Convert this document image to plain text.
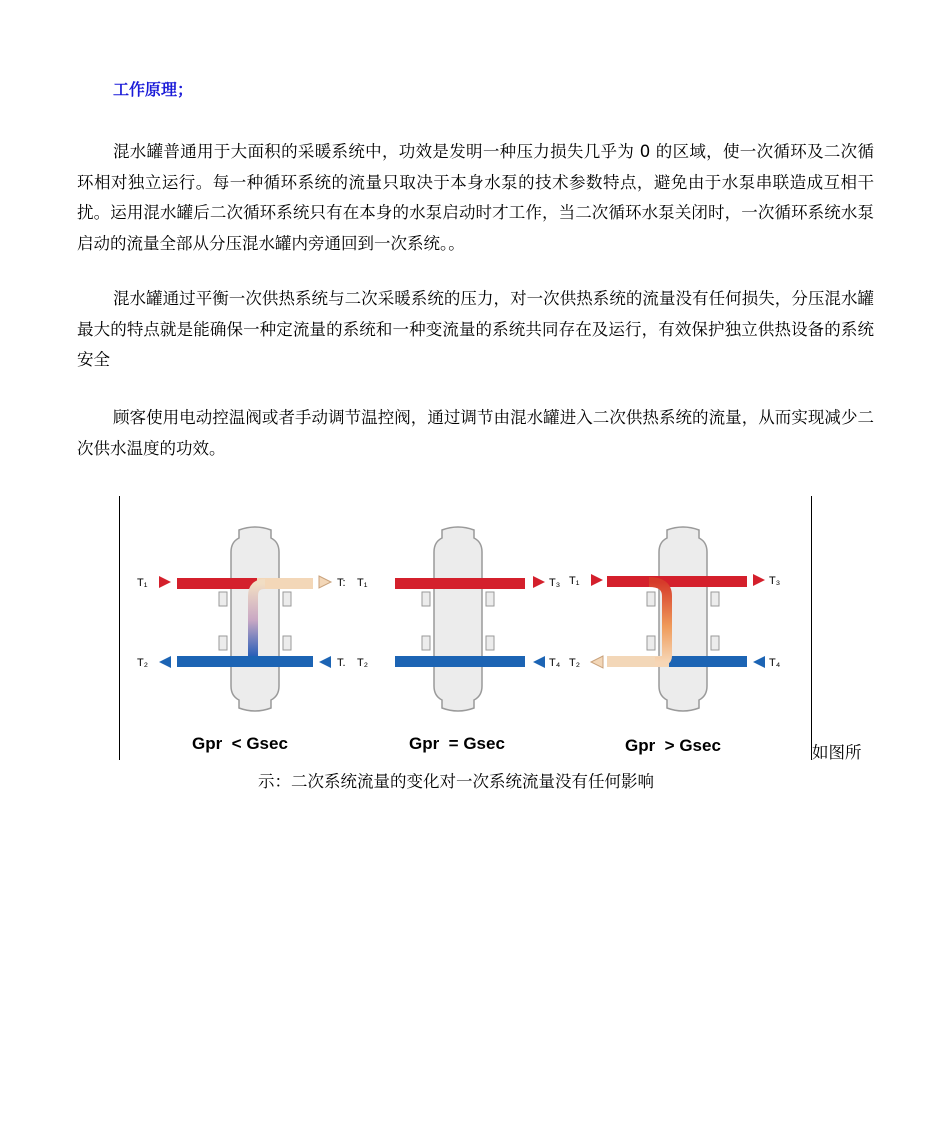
工作原理；

混水罐普通用于大面积的采暖系统中，功效是发明一种压力损失几乎为 0 的区域，使一次循环及二次循环相对独立运行。每一种循环系统的流量只取决于本身水泵的技术参数特点，避免由于水泵串联造成互相干扰。运用混水罐后二次循环系统只有在本身的水泵启动时才工作，当二次循环水泵关闭时，一次循环系统水泵启动的流量全部从分压混水罐内旁通回到一次系统。。

混水罐通过平衡一次供热系统与二次采暖系统的压力，对一次供热系统的流量没有任何损失，分压混水罐最大的特点就是能确保一种定流量的系统和一种变流量的系统共同存在及运行，有效保护独立供热设备的系统安全

顾客使用电动控温阀或者手动调节温控阀，通过调节由混水罐进入二次供热系统的流量，从而实现减少二次供水温度的功效。

T₁	T:
T₂	T.
T₁	T₃
T₂	T₄
T₁	T₃
T₂	T₄
Gpr  < Gsec	Gpr  = Gsec	Gpr  > Gsec	如图所
示：二次系统流量的变化对一次系统流量没有任何影响
